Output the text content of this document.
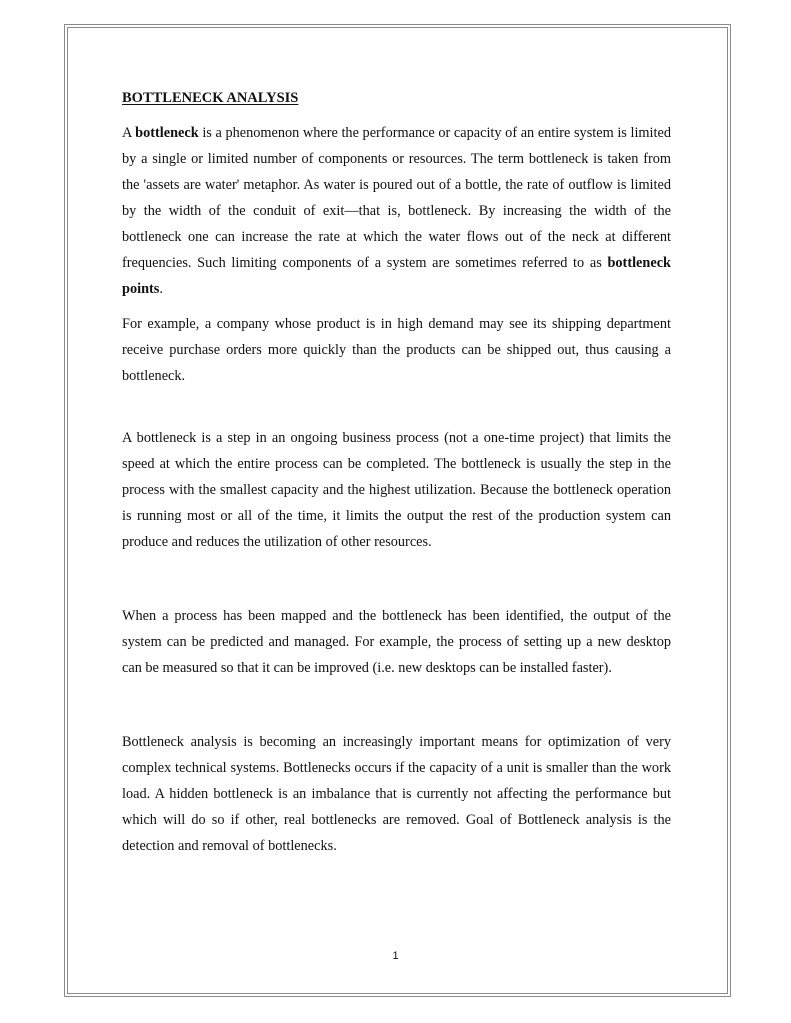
BOTTLENECK ANALYSIS

A bottleneck is a phenomenon where the performance or capacity of an entire system is limited by a single or limited number of components or resources. The term bottleneck is taken from the 'assets are water' metaphor. As water is poured out of a bottle, the rate of outflow is limited by the width of the conduit of exit—that is, bottleneck. By increasing the width of the bottleneck one can increase the rate at which the water flows out of the neck at different frequencies. Such limiting components of a system are sometimes referred to as bottleneck points.

For example, a company whose product is in high demand may see its shipping department receive purchase orders more quickly than the products can be shipped out, thus causing a bottleneck.

A bottleneck is a step in an ongoing business process (not a one-time project) that limits the speed at which the entire process can be completed. The bottleneck is usually the step in the process with the smallest capacity and the highest utilization. Because the bottleneck operation is running most or all of the time, it limits the output the rest of the production system can produce and reduces the utilization of other resources.

When a process has been mapped and the bottleneck has been identified, the output of the system can be predicted and managed. For example, the process of setting up a new desktop can be measured so that it can be improved (i.e. new desktops can be installed faster).

Bottleneck analysis is becoming an increasingly important means for optimization of very complex technical systems. Bottlenecks occurs if the capacity of a unit is smaller than the work load. A hidden bottleneck is an imbalance that is currently not affecting the performance but which will do so if other, real bottlenecks are removed. Goal of Bottleneck analysis is the detection and removal of bottlenecks.

1
